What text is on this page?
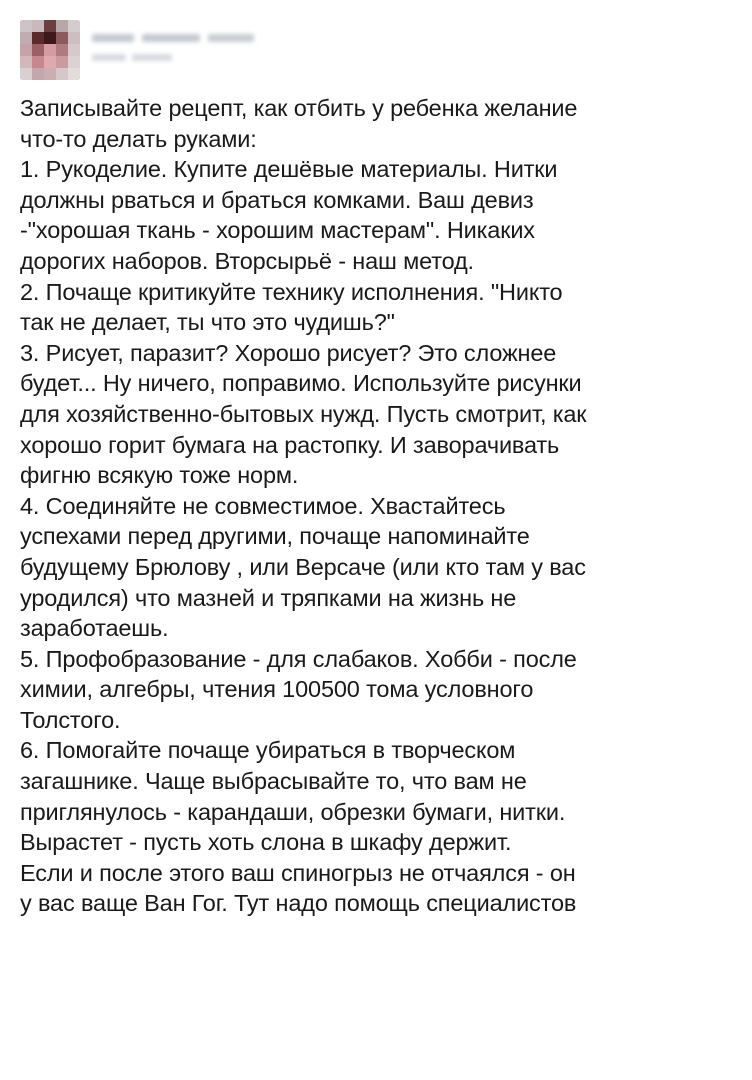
Записывайте рецепт, как отбить у ребенка желание
что-то делать руками:
1. Рукоделие. Купите дешёвые материалы. Нитки
должны рваться и браться комками. Ваш девиз
-"хорошая ткань - хорошим мастерам". Никаких
дорогих наборов. Вторсырьё - наш метод.
2. Почаще критикуйте технику исполнения. "Никто
так не делает, ты что это чудишь?"
3. Рисует, паразит? Хорошо рисует? Это сложнее
будет... Ну ничего, поправимо. Используйте рисунки
для хозяйственно-бытовых нужд. Пусть смотрит, как
хорошо горит бумага на растопку. И заворачивать
фигню всякую тоже норм.
4. Соединяйте не совместимое. Хвастайтесь
успехами перед другими, почаще напоминайте
будущему Брюлову , или Версаче (или кто там у вас
уродился) что мазней и тряпками на жизнь не
заработаешь.
5. Профобразование - для слабаков. Хобби - после
химии, алгебры, чтения 100500 тома условного
Толстого.
6. Помогайте почаще убираться в творческом
загашнике. Чаще выбрасывайте то, что вам не
приглянулось - карандаши, обрезки бумаги, нитки.
Вырастет - пусть хоть слона в шкафу держит.
Если и после этого ваш спиногрыз не отчаялся - он
у вас ваще Ван Гог. Тут надо помощь специалистов
